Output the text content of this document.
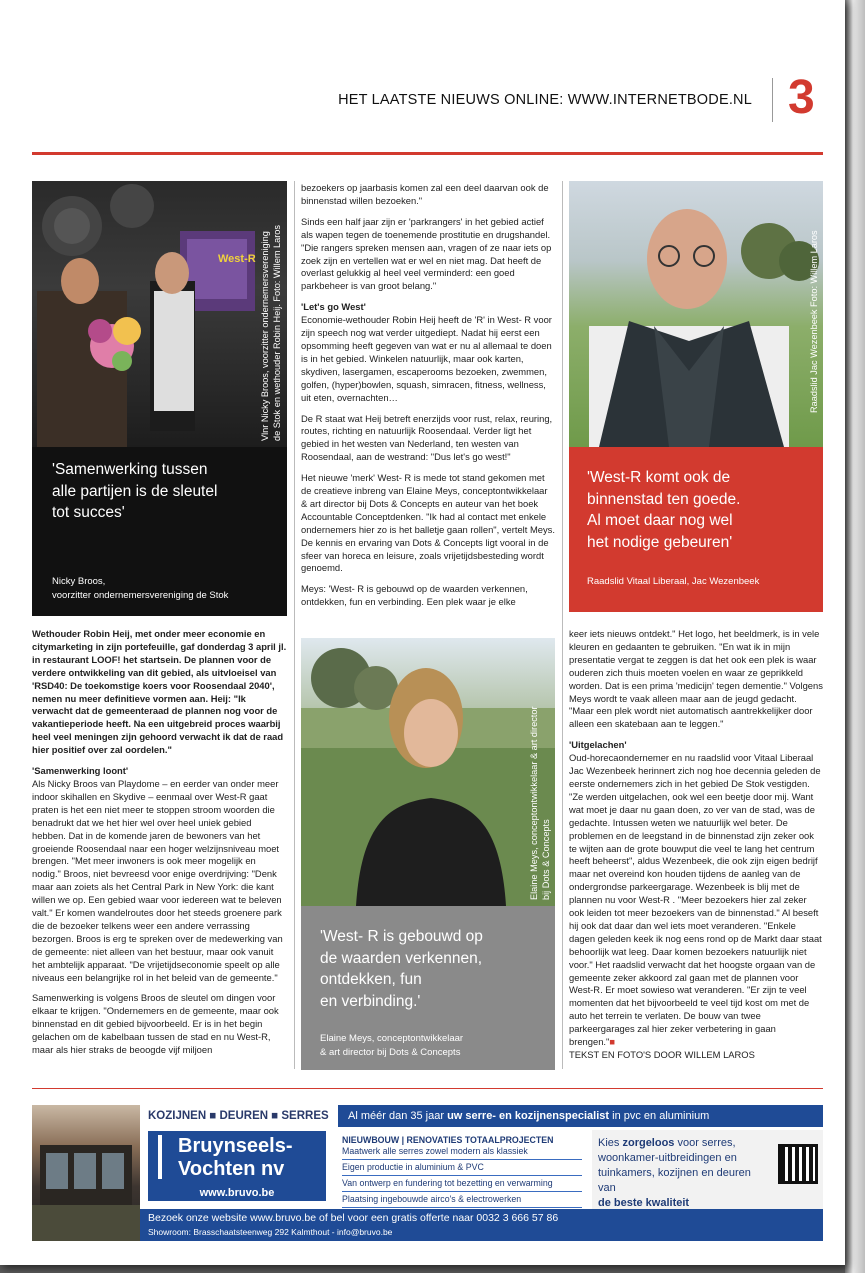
HET LAATSTE NIEUWS ONLINE: WWW.INTERNETBODE.NL 3
West-R
Vlnr Nicky Broos, voorzitter ondernemersvereniging
de Stok en wethouder Robin Heij. Foto: Willem Laros
'Samenwerking tussen
alle partijen is de sleutel
tot succes'
Nicky Broos,
voorzitter ondernemersvereniging de Stok

Wethouder Robin Heij, met onder meer economie en citymarketing in zijn portefeuille, gaf donderdag 3 april jl. in restaurant LOOF! het startsein. De plannen voor de verdere ontwikkeling van dit gebied, als uitvloeisel van 'RSD40: De toekomstige koers voor Roosendaal 2040', nemen nu meer definitieve vormen aan. Heij: "Ik verwacht dat de gemeenteraad de plannen nog voor de vakantieperiode heeft. Na een uitgebreid proces waarbij heel veel meningen zijn gehoord verwacht ik dat de raad hier positief over zal oordelen."

'Samenwerking loont'

Als Nicky Broos van Playdome – en eerder van onder meer indoor skihallen en Skydive – eenmaal over West-R gaat praten is het een niet meer te stoppen stroom woorden die benadrukt dat we het hier wel over heel uniek gebied hebben. Dat in de komende jaren de bewoners van het groeiende Roosendaal naar een hoger welzijnsniveau moet brengen. "Met meer inwoners is ook meer mogelijk en nodig." Broos, niet bevreesd voor enige overdrijving: "Denk maar aan zoiets als het Central Park in New York: die kant willen we op. Een gebied waar voor iedereen wat te beleven valt." Er komen wandelroutes door het steeds groenere park die de bezoeker telkens weer een andere verrassing bezorgen. Broos is erg te spreken over de medewerking van de gemeente: niet alleen van het bestuur, maar ook vanuit het ambtelijk apparaat. "De vrijetijdseconomie speelt op alle niveaus een belangrijke rol in het beleid van de gemeente."

Samenwerking is volgens Broos de sleutel om dingen voor elkaar te krijgen. "Ondernemers en de gemeente, maar ook binnenstad en dit gebied bijvoorbeeld. Er is in het begin gelachen om de kabelbaan tussen de stad en nu West-R, maar als hier straks de beoogde vijf miljoen

bezoekers op jaarbasis komen zal een deel daarvan ook de binnenstad willen bezoeken."

Sinds een half jaar zijn er 'parkrangers' in het gebied actief als wapen tegen de toenemende prostitutie en drugshandel. "Die rangers spreken mensen aan, vragen of ze naar iets op zoek zijn en vertellen wat er wel en niet mag. Dat heeft de overlast gelukkig al heel veel verminderd: een goed parkbeheer is van groot belang."

'Let's go West'

Economie-wethouder Robin Heij heeft de 'R' in West- R voor zijn speech nog wat verder uitgediept. Nadat hij eerst een opsomming heeft gegeven van wat er nu al allemaal te doen is in het gebied. Winkelen natuurlijk, maar ook karten, skydiven, lasergamen, escaperooms bezoeken, zwemmen, golfen, (hyper)bowlen, squash, simracen, fitness, wellness, uit eten, overnachten…

De R staat wat Heij betreft enerzijds voor rust, relax, reuring, routes, richting en natuurlijk Roosendaal. Verder ligt het gebied in het westen van Nederland, ten westen van Roosendaal, aan de westrand: "Dus let's go west!"

Het nieuwe 'merk' West- R is mede tot stand gekomen met de creatieve inbreng van Elaine Meys, conceptontwikkelaar & art director bij Dots & Concepts en auteur van het boek Accountable Conceptdenken. "Ik had al contact met enkele ondernemers hier zo is het balletje gaan rollen", vertelt Meys. De kennis en ervaring van Dots & Concepts ligt vooral in de sfeer van horeca en leisure, zoals vrijetijdsbesteding wordt genoemd.

Meys: 'West- R is gebouwd op de waarden verkennen, ontdekken, fun en verbinding. Een plek waar je elke

Elaine Meys, conceptontwikkelaar & art director
bij Dots & Concepts
'West- R is gebouwd op
de waarden verkennen,
ontdekken, fun
en verbinding.'
Elaine Meys, conceptontwikkelaar
& art director bij Dots & Concepts
Raadslid Jac Wezenbeek Foto: Willem Laros
'West-R komt ook de
binnenstad ten goede.
Al moet daar nog wel
het nodige gebeuren'
Raadslid Vitaal Liberaal, Jac Wezenbeek

keer iets nieuws ontdekt." Het logo, het beeldmerk, is in vele kleuren en gedaanten te gebruiken. "En wat ik in mijn presentatie vergat te zeggen is dat het ook een plek is waar ouderen zich thuis moeten voelen en waar ze geprikkeld worden. Dat is een prima 'medicijn' tegen dementie." Volgens Meys wordt te vaak alleen maar aan de jeugd gedacht. "Maar een plek wordt niet automatisch aantrekkelijker door alleen een skatebaan aan te leggen."

'Uitgelachen'

Oud-horecaondernemer en nu raadslid voor Vitaal Liberaal Jac Wezenbeek herinnert zich nog hoe decennia geleden de eerste ondernemers zich in het gebied De Stok vestigden. "Ze werden uitgelachen, ook wel een beetje door mij. Want wat moet je daar nu gaan doen, zo ver van de stad, was de gedachte. Intussen weten we natuurlijk wel beter. De problemen en de leegstand in de binnenstad zijn zeker ook te wijten aan de grote bouwput die veel te lang het centrum heeft beheerst", aldus Wezenbeek, die ook zijn eigen bedrijf maar net overeind kon houden tijdens de aanleg van de ondergrondse parkeergarage. Wezenbeek is blij met de plannen nu voor West-R . "Meer bezoekers hier zal zeker ook leiden tot meer bezoekers van de binnenstad." Al beseft hij ook dat daar dan wel iets moet veranderen. "Enkele dagen geleden keek ik nog eens rond op de Markt daar staat behoorlijk wat leeg. Daar komen bezoekers natuurlijk niet voor." Het raadslid verwacht dat het hoogste orgaan van de gemeente zeker akkoord zal gaan met de plannen voor West-R. Er moet sowieso wat veranderen. "Er zijn te veel momenten dat het bijvoorbeeld te veel tijd kost om met de auto het terrein te verlaten. De bouw van twee parkeergarages zal hier zeker verbetering in gaan brengen."■

TEKST EN FOTO'S DOOR WILLEM LAROS

KOZIJNEN ■ DEUREN ■ SERRES	Al méér dan 35 jaar uw serre- en kozijnenspecialist in pvc en aluminium
Bruynseels-
Vochten nv
www.bruvo.be
NIEUWBOUW | RENOVATIES TOTAALPROJECTEN
Maatwerk alle serres zowel modern als klassiek
Eigen productie in aluminium & PVC
Van ontwerp en fundering tot bezetting en verwarming
Plaatsing ingebouwde airco's & electrowerken
Kies zorgeloos voor serres, woonkamer-uitbreidingen en tuinkamers, kozijnen en deuren van
de beste kwaliteit
Bezoek onze website www.bruvo.be of bel voor een gratis offerte naar 0032 3 666 57 86
Showroom: Brasschaatsteenweg 292 Kalmthout - info@bruvo.be
